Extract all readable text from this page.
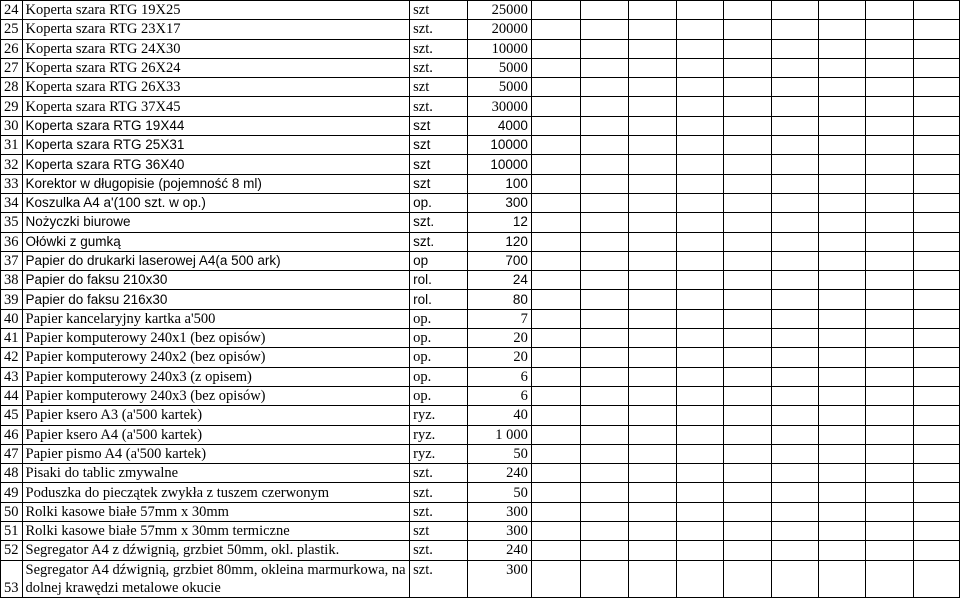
24	Koperta szara RTG 19X25	szt	25000									
25	Koperta szara RTG 23X17	szt.	20000									
26	Koperta szara RTG 24X30	szt.	10000									
27	Koperta szara RTG 26X24	szt.	5000									
28	Koperta szara RTG 26X33	szt	5000									
29	Koperta szara RTG 37X45	szt.	30000									
30	Koperta szara RTG 19X44	szt	4000									
31	Koperta szara RTG 25X31	szt	10000									
32	Koperta szara RTG 36X40	szt	10000									
33	Korektor w długopisie (pojemność 8 ml)	szt	100									
34	Koszulka A4 a'(100 szt. w op.)	op.	300									
35	Nożyczki biurowe	szt.	12									
36	Ołówki z gumką	szt.	120									
37	Papier do drukarki laserowej A4(a 500 ark)	op	700									
38	Papier do faksu 210x30	rol.	24									
39	Papier do faksu 216x30	rol.	80									
40	Papier kancelaryjny kartka a'500	op.	7									
41	Papier komputerowy 240x1 (bez opisów)	op.	20									
42	Papier komputerowy 240x2 (bez opisów)	op.	20									
43	Papier komputerowy 240x3 (z opisem)	op.	6									
44	Papier komputerowy 240x3 (bez opisów)	op.	6									
45	Papier ksero A3 (a'500 kartek)	ryz.	40									
46	Papier ksero A4 (a'500 kartek)	ryz.	1 000									
47	Papier pismo A4 (a'500 kartek)	ryz.	50									
48	Pisaki do tablic zmywalne	szt.	240									
49	Poduszka do pieczątek zwykła z tuszem czerwonym	szt.	50									
50	Rolki kasowe białe 57mm x 30mm	szt.	300									
51	Rolki kasowe białe 57mm x 30mm termiczne	szt	300									
52	Segregator A4 z dźwignią, grzbiet 50mm, okl. plastik.	szt.	240									
53	Segregator A4 dźwignią, grzbiet 80mm, okleina marmurkowa, na dolnej krawędzi metalowe okucie	szt.	300									
